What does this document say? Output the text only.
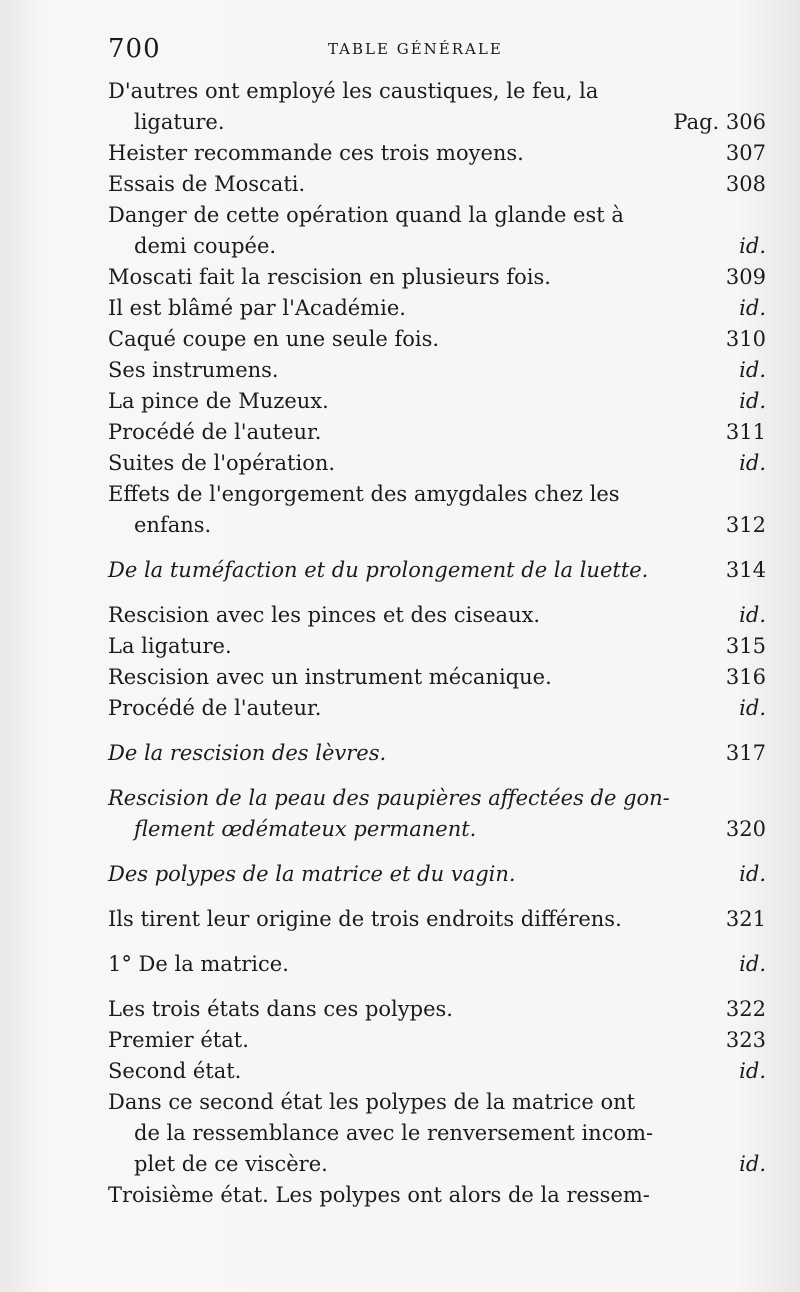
700	TABLE GÉNÉRALE
D'autres ont employé les caustiques, le feu, la
ligature.	Pag. 306
Heister recommande ces trois moyens.	307
Essais de Moscati.	308
Danger de cette opération quand la glande est à
demi coupée.	id.
Moscati fait la rescision en plusieurs fois.	309
Il est blâmé par l'Académie.	id.
Caqué coupe en une seule fois.	310
Ses instrumens.	id.
La pince de Muzeux.	id.
Procédé de l'auteur.	311
Suites de l'opération.	id.
Effets de l'engorgement des amygdales chez les
enfans.	312
De la tuméfaction et du prolongement de la luette.	314
Rescision avec les pinces et des ciseaux.	id.
La ligature.	315
Rescision avec un instrument mécanique.	316
Procédé de l'auteur.	id.
De la rescision des lèvres.	317
Rescision de la peau des paupières affectées de gon-
flement œdémateux permanent.	320
Des polypes de la matrice et du vagin.	id.
Ils tirent leur origine de trois endroits différens.	321
1° De la matrice.	id.
Les trois états dans ces polypes.	322
Premier état.	323
Second état.	id.
Dans ce second état les polypes de la matrice ont
de la ressemblance avec le renversement incom-
plet de ce viscère.	id.
Troisième état. Les polypes ont alors de la ressem-
